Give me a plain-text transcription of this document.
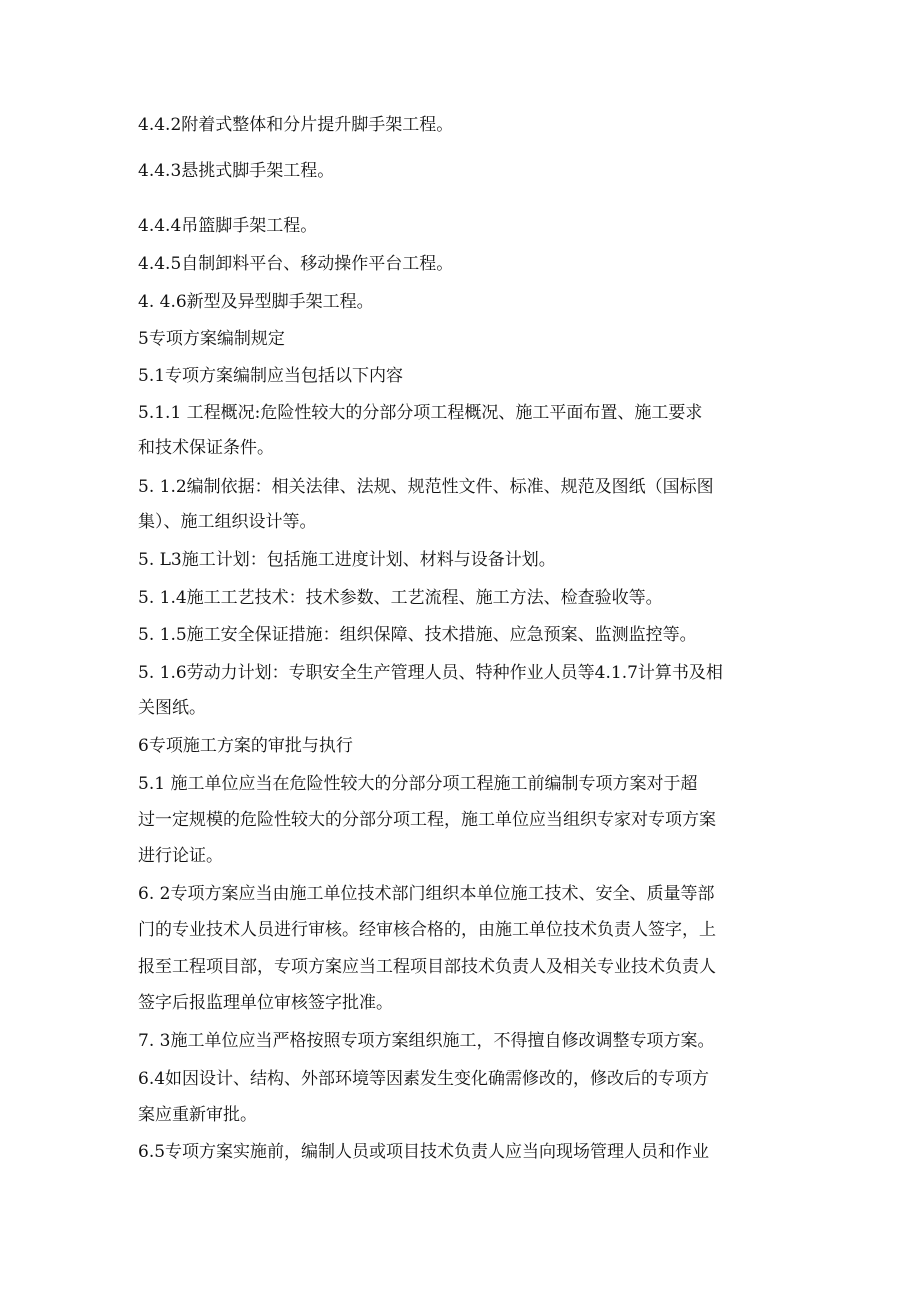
4.4.2附着式整体和分片提升脚手架工程。
4.4.3悬挑式脚手架工程。
4.4.4吊篮脚手架工程。
4.4.5自制卸料平台、移动操作平台工程。
4. 4.6新型及异型脚手架工程。
5专项方案编制规定
5.1专项方案编制应当包括以下内容
5.1.1 工程概况:危险性较大的分部分项工程概况、施工平面布置、施工要求
和技术保证条件。
5. 1.2编制依据：相关法律、法规、规范性文件、标准、规范及图纸（国标图
集）、施工组织设计等。
5. L3施工计划：包括施工进度计划、材料与设备计划。
5. 1.4施工工艺技术：技术参数、工艺流程、施工方法、检查验收等。
5. 1.5施工安全保证措施：组织保障、技术措施、应急预案、监测监控等。
5. 1.6劳动力计划：专职安全生产管理人员、特种作业人员等4.1.7计算书及相
关图纸。
6专项施工方案的审批与执行
5.1 施工单位应当在危险性较大的分部分项工程施工前编制专项方案对于超
过一定规模的危险性较大的分部分项工程，施工单位应当组织专家对专项方案
进行论证。
6. 2专项方案应当由施工单位技术部门组织本单位施工技术、安全、质量等部
门的专业技术人员进行审核。经审核合格的，由施工单位技术负责人签字，上
报至工程项目部，专项方案应当工程项目部技术负责人及相关专业技术负责人
签字后报监理单位审核签字批准。
7. 3施工单位应当严格按照专项方案组织施工，不得擅自修改调整专项方案。
6.4如因设计、结构、外部环境等因素发生变化确需修改的，修改后的专项方
案应重新审批。
6.5专项方案实施前，编制人员或项目技术负责人应当向现场管理人员和作业
